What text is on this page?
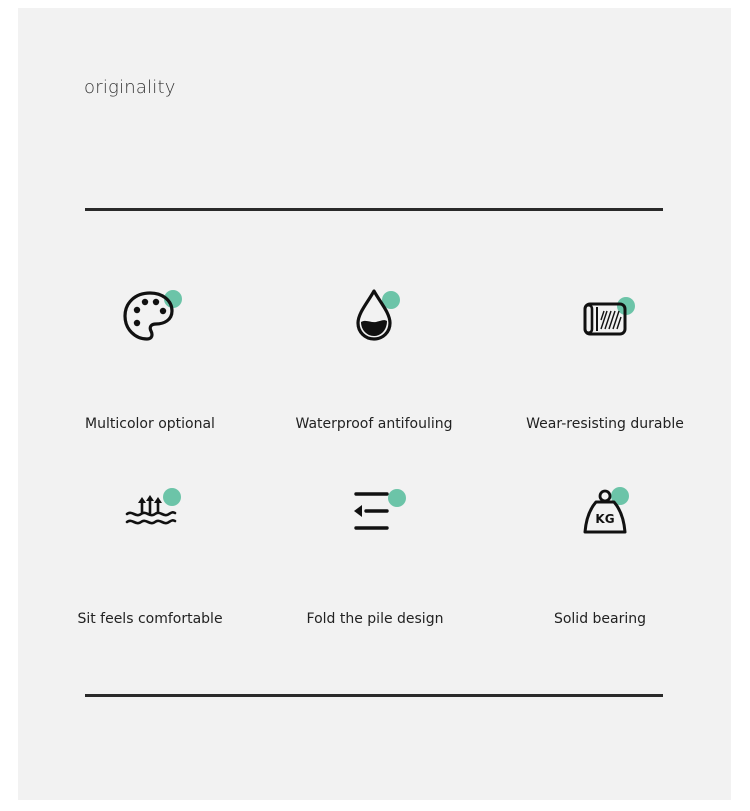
originality
Multicolor optional	Waterproof antifouling	Wear-resisting durable
Sit feels comfortable	Fold the pile design
KG
Solid bearing
